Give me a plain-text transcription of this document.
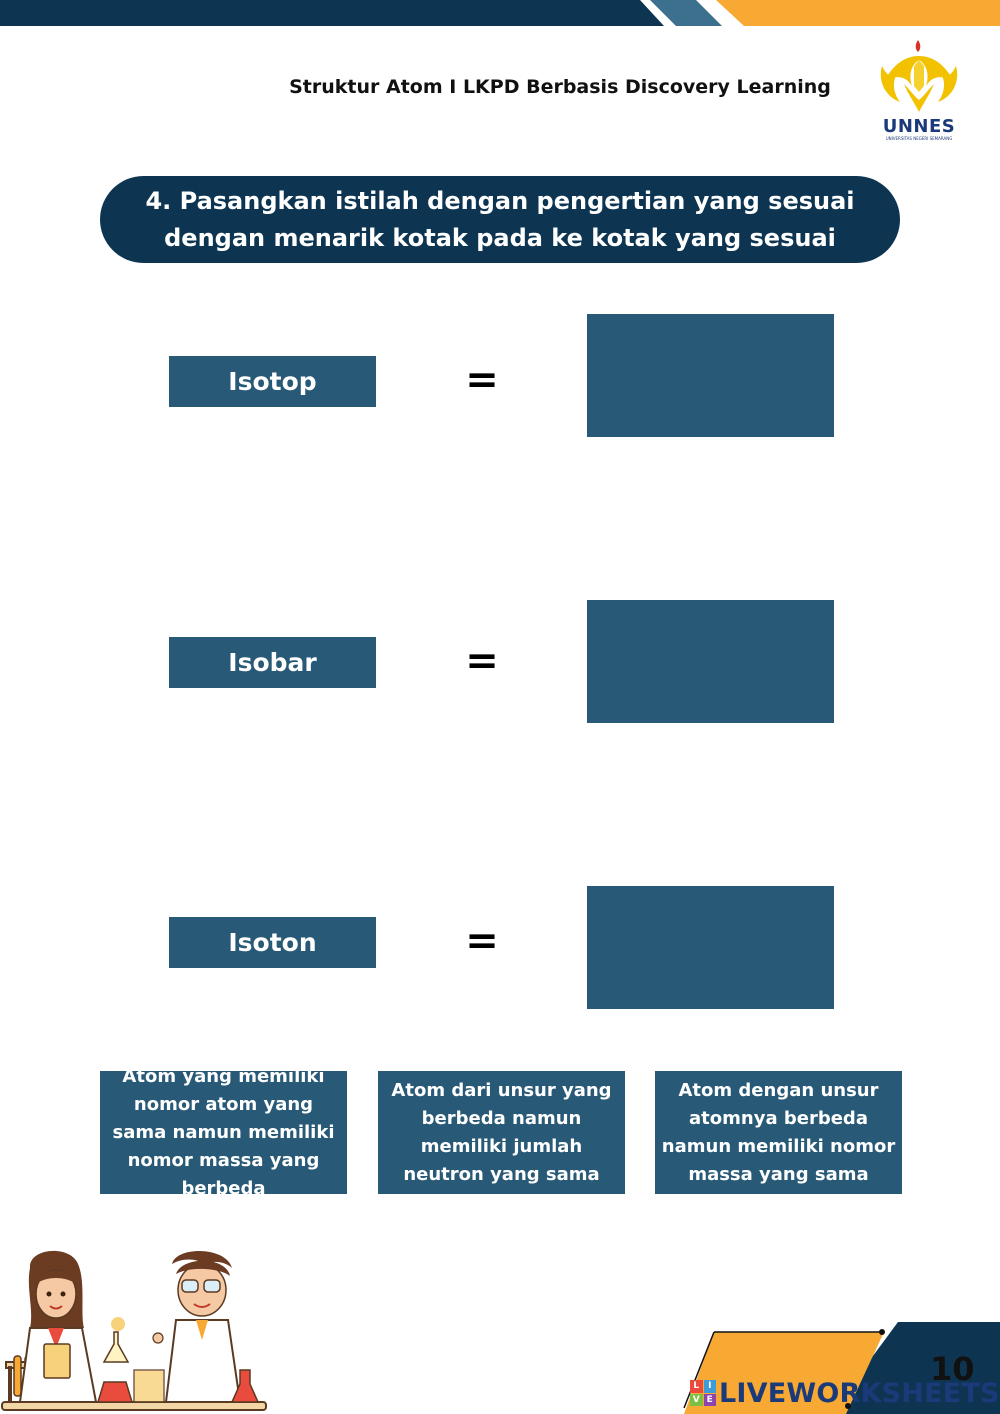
Struktur Atom I LKPD Berbasis Discovery Learning
UNNES
UNIVERSITAS NEGERI SEMARANG
4. Pasangkan istilah dengan pengertian yang sesuai
dengan menarik kotak pada ke kotak yang sesuai
Isotop	=
Isobar	=
Isoton	=
Atom yang memiliki nomor atom yang sama namun memiliki nomor massa yang berbeda
Atom dari unsur yang berbeda namun memiliki jumlah neutron yang sama
Atom dengan unsur atomnya berbeda namun memiliki nomor massa yang sama
10
L I
V E LIVEWORKSHEETS
